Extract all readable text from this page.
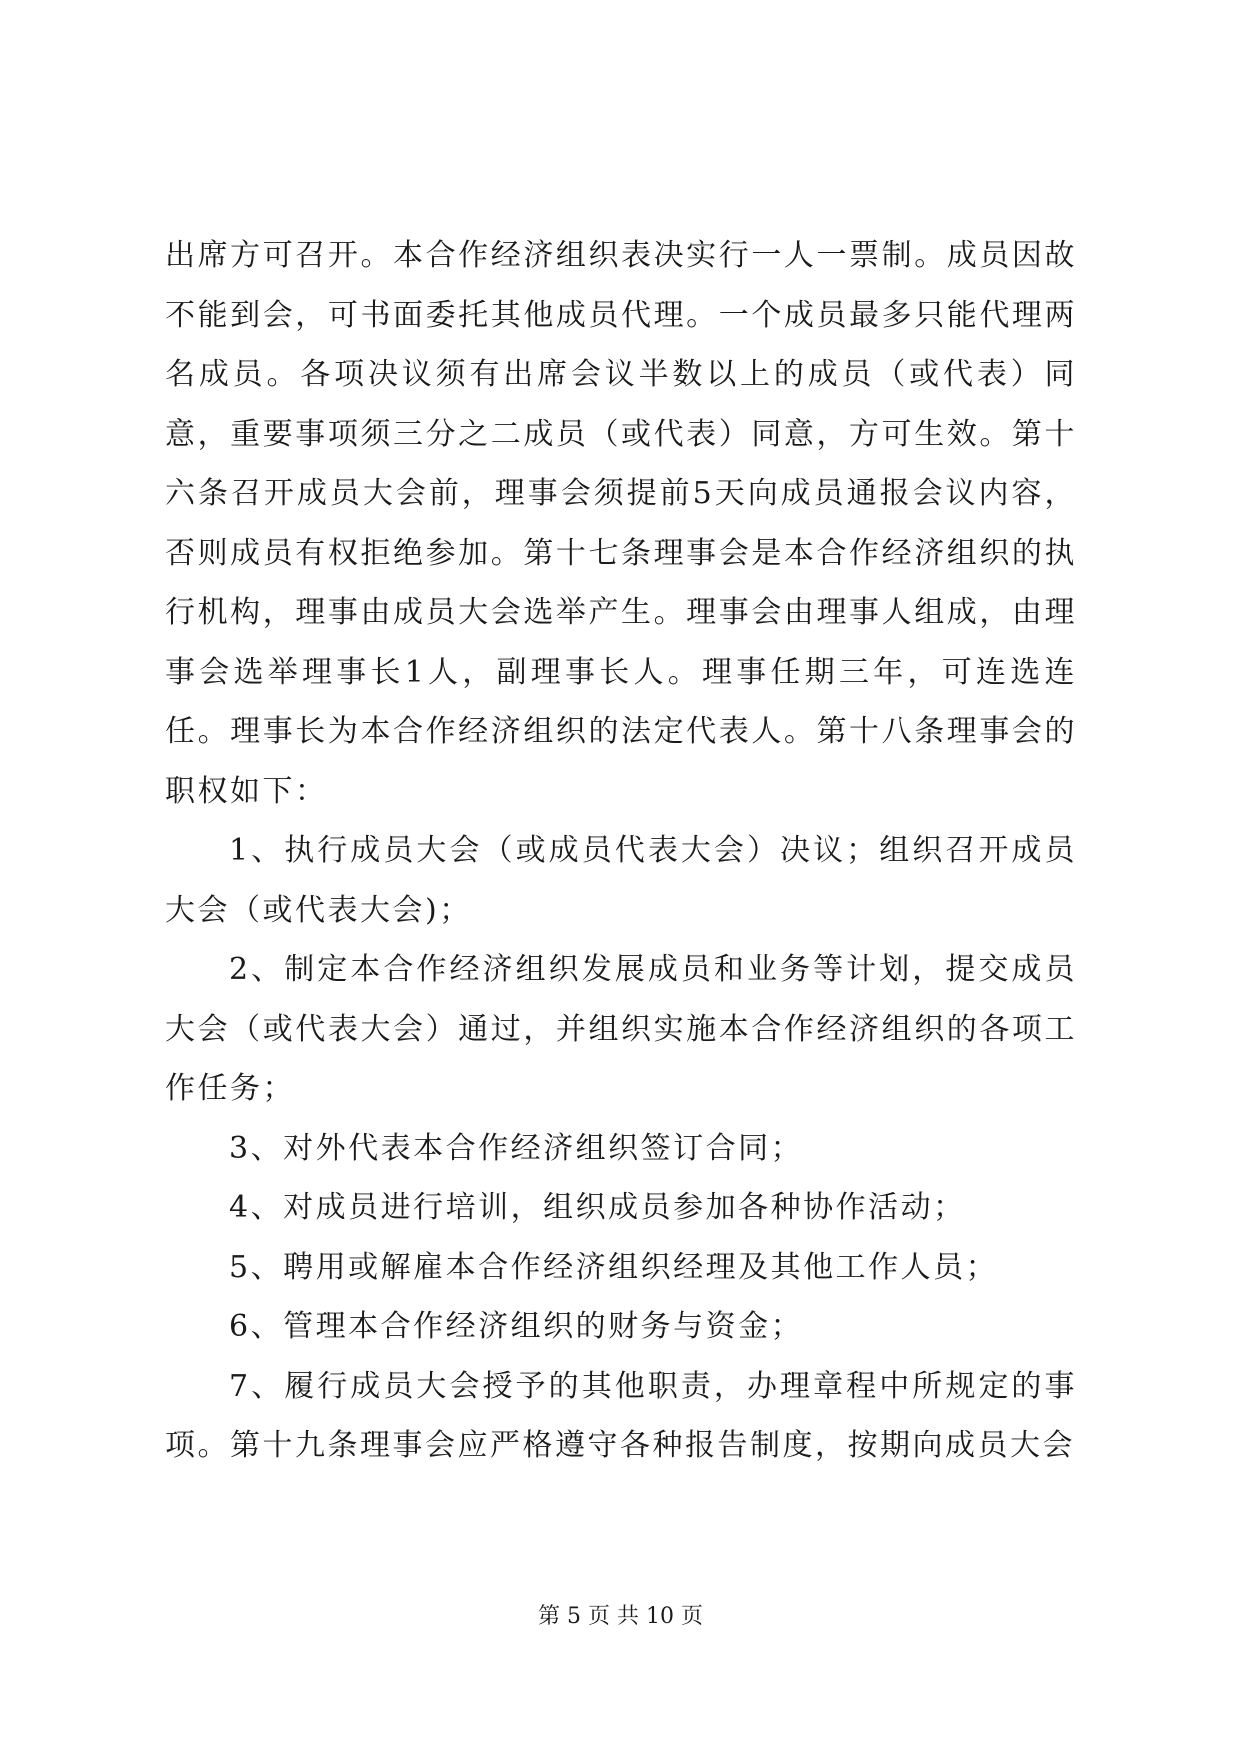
出席方可召开。本合作经济组织表决实行一人一票制。成员因故不能到会，可书面委托其他成员代理。一个成员最多只能代理两名成员。各项决议须有出席会议半数以上的成员（或代表）同意，重要事项须三分之二成员（或代表）同意，方可生效。第十六条召开成员大会前，理事会须提前5天向成员通报会议内容，否则成员有权拒绝参加。第十七条理事会是本合作经济组织的执行机构，理事由成员大会选举产生。理事会由理事人组成，由理事会选举理事长1人，副理事长人。理事任期三年，可连选连任。理事长为本合作经济组织的法定代表人。第十八条理事会的职权如下：

1、执行成员大会（或成员代表大会）决议；组织召开成员大会（或代表大会)；

2、制定本合作经济组织发展成员和业务等计划，提交成员大会（或代表大会）通过，并组织实施本合作经济组织的各项工作任务；

3、对外代表本合作经济组织签订合同；

4、对成员进行培训，组织成员参加各种协作活动；

5、聘用或解雇本合作经济组织经理及其他工作人员；

6、管理本合作经济组织的财务与资金；

7、履行成员大会授予的其他职责，办理章程中所规定的事项。第十九条理事会应严格遵守各种报告制度，按期向成员大会

第 5 页 共 10 页
